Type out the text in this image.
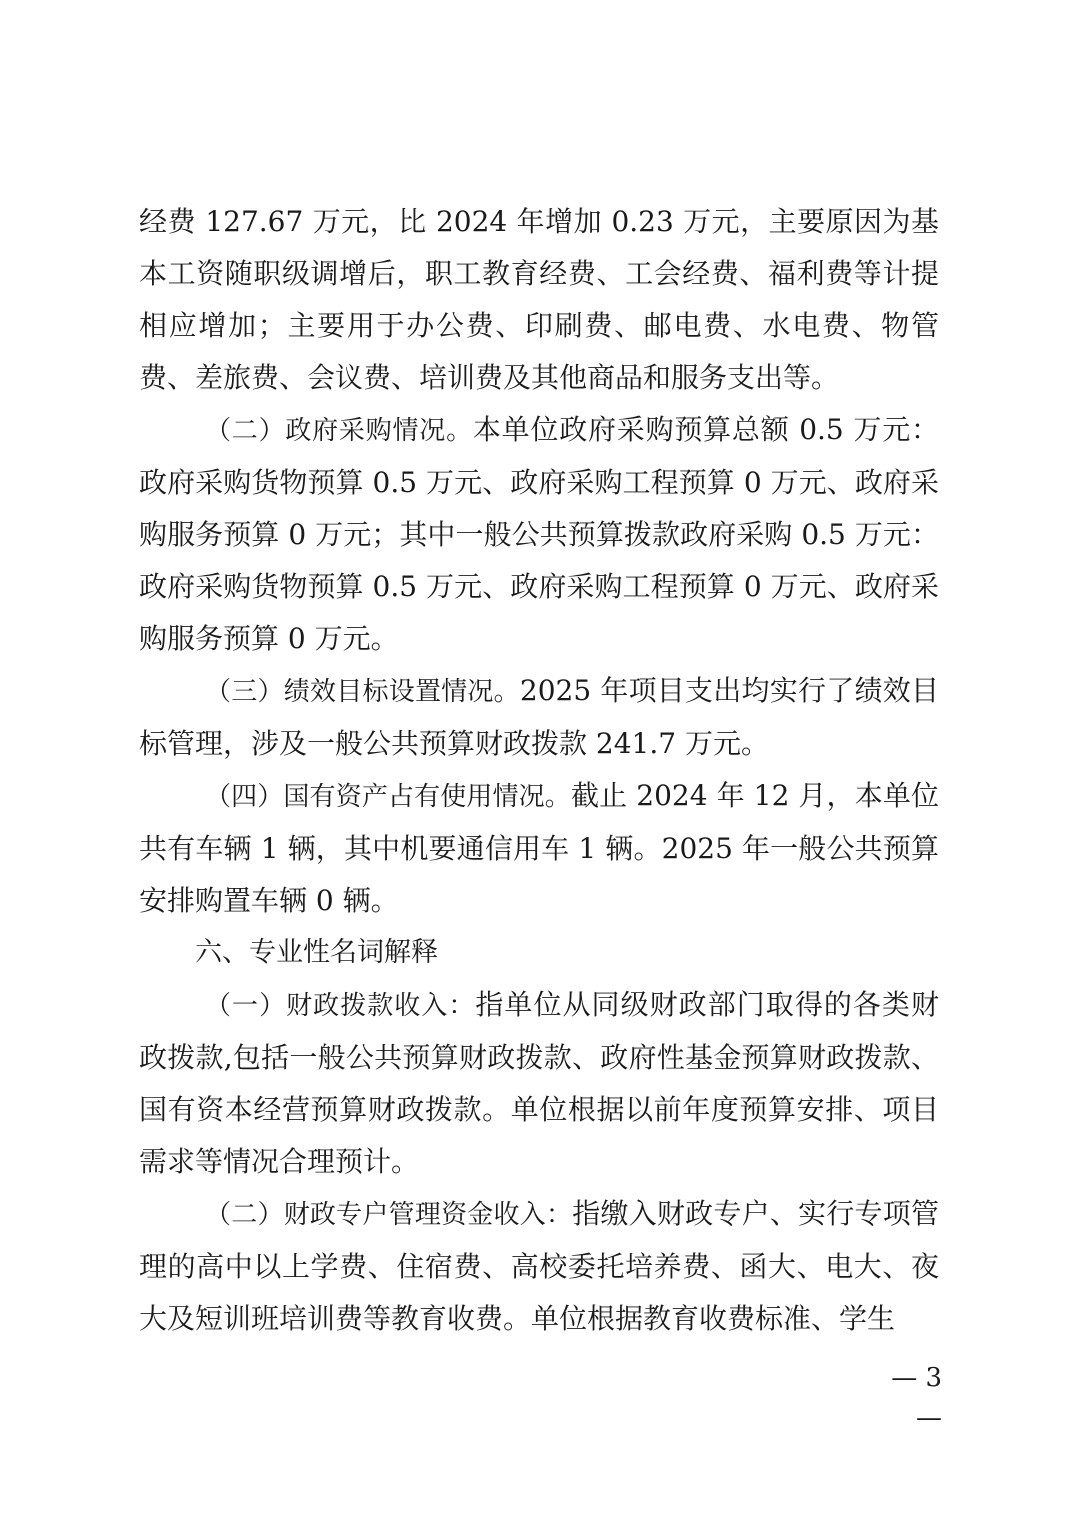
经费 127.67 万元，比 2024 年增加 0.23 万元，主要原因为基本工资随职级调增后，职工教育经费、工会经费、福利费等计提相应增加；主要用于办公费、印刷费、邮电费、水电费、物管费、差旅费、会议费、培训费及其他商品和服务支出等。

（二）政府采购情况。本单位政府采购预算总额 0.5 万元：政府采购货物预算 0.5 万元、政府采购工程预算 0 万元、政府采购服务预算 0 万元；其中一般公共预算拨款政府采购 0.5 万元：政府采购货物预算 0.5 万元、政府采购工程预算 0 万元、政府采购服务预算 0 万元。

（三）绩效目标设置情况。2025 年项目支出均实行了绩效目标管理，涉及一般公共预算财政拨款 241.7 万元。

（四）国有资产占有使用情况。截止 2024 年 12 月，本单位共有车辆 1 辆，其中机要通信用车 1 辆。2025 年一般公共预算安排购置车辆 0 辆。

六、专业性名词解释

（一）财政拨款收入：指单位从同级财政部门取得的各类财政拨款,包括一般公共预算财政拨款、政府性基金预算财政拨款、国有资本经营预算财政拨款。单位根据以前年度预算安排、项目需求等情况合理预计。

（二）财政专户管理资金收入：指缴入财政专户、实行专项管理的高中以上学费、住宿费、高校委托培养费、函大、电大、夜大及短训班培训费等教育收费。单位根据教育收费标准、学生

— 3 —
